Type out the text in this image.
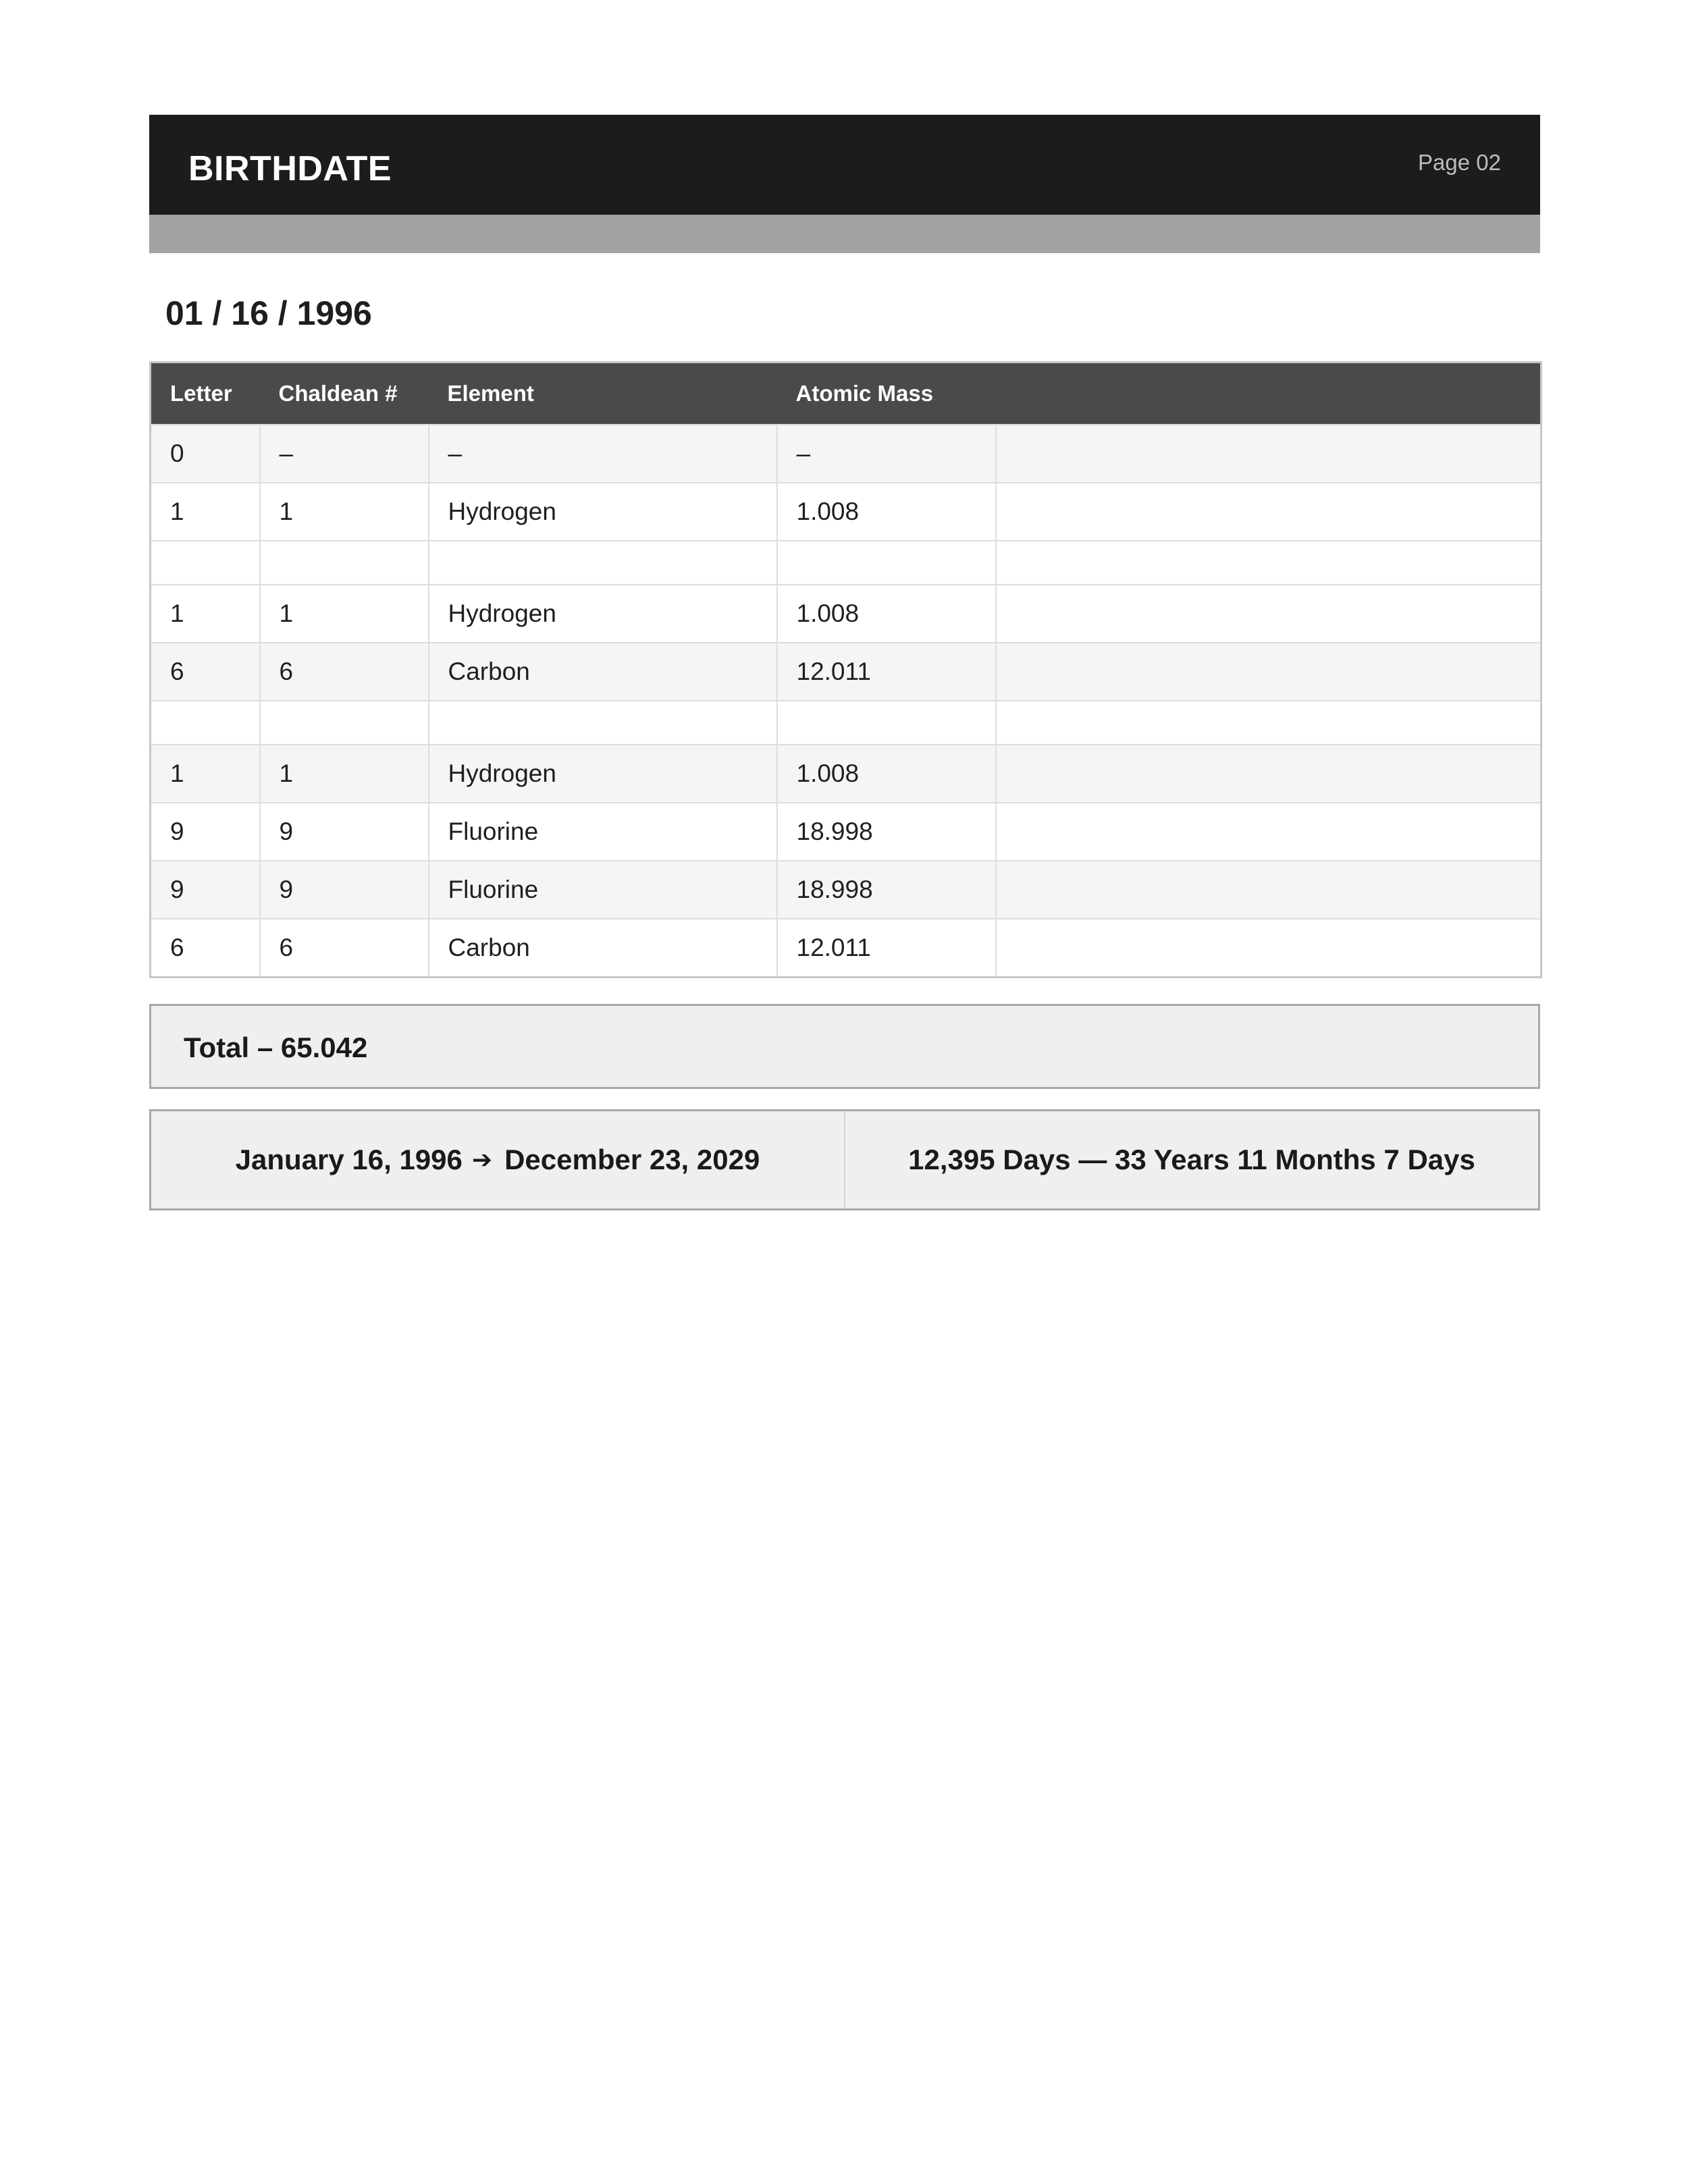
BIRTHDATE	Page 02
01 / 16 / 1996
Letter	Chaldean #	Element	Atomic Mass	
0	–	–	–	
1	1	Hydrogen	1.008	

1	1	Hydrogen	1.008	
6	6	Carbon	12.011	

1	1	Hydrogen	1.008	
9	9	Fluorine	18.998	
9	9	Fluorine	18.998	
6	6	Carbon	12.011	
Total – 65.042
January 16, 1996 ➔ December 23, 2029	12,395 Days — 33 Years 11 Months 7 Days
